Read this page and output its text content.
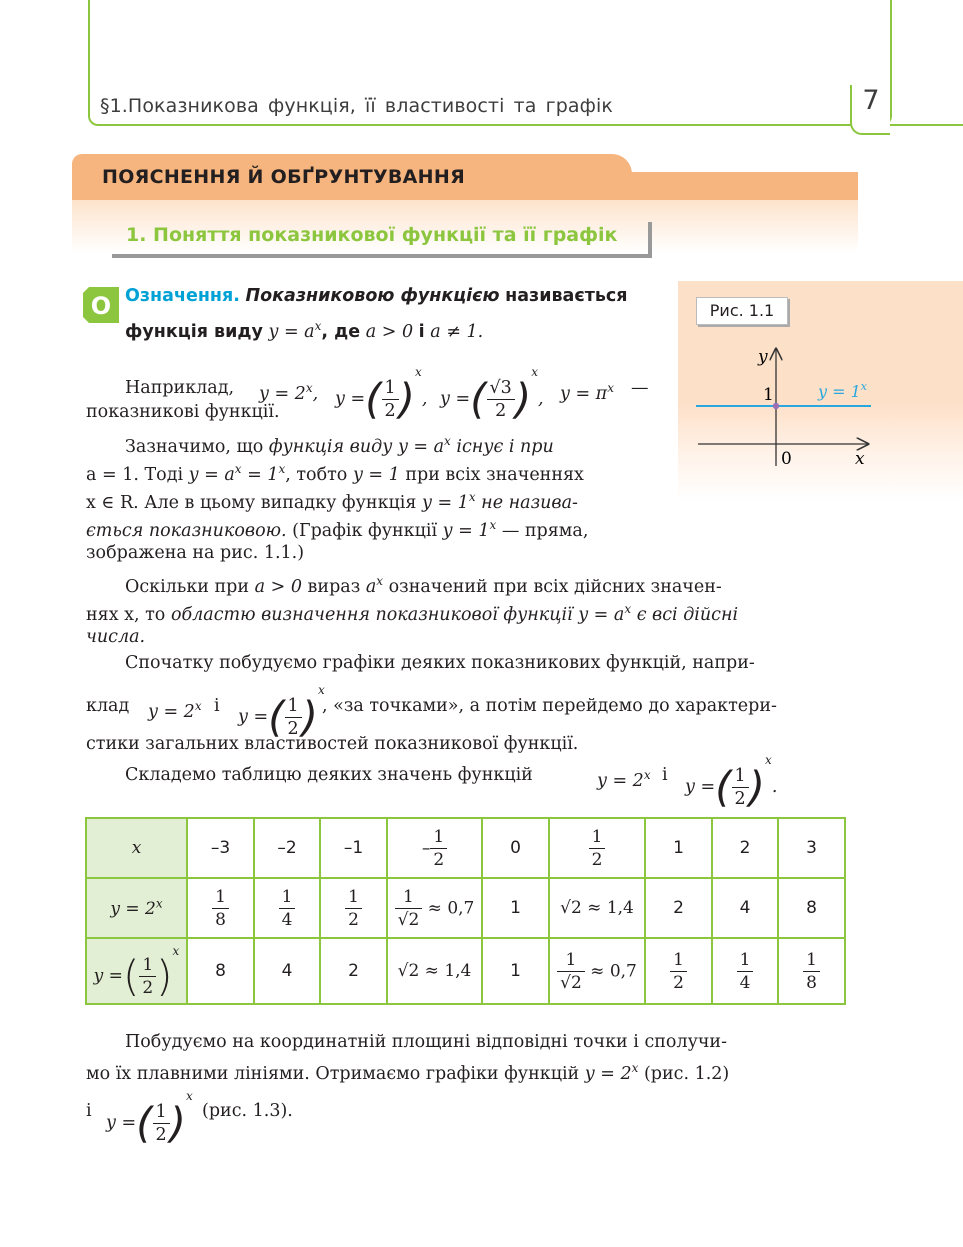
§1.Показникова функція, її властивості та графік	7
ПОЯСНЕННЯ Й ОБҐРУНТУВАННЯ
1. Поняття показникової функції та її графік
О Означення. Показниковою функцією називається
функція виду $y = a^x$, де a > 0 і a ≠ 1.
Рис. 1.1
y
x
0
1	$y = 1^x$
Наприклад, $y = 2^x$, y =( $\frac{1}{2} )^x$, y =( $\frac{√3}{2} )^x$, $y = \pi^x$ —
показникові функції.
Зазначимо, що функція виду $y = a^x$ існує і при
a = 1. Тоді $y = a^x = 1^x$, тобто y = 1 при всіх значеннях
x ∈ R. Але в цьому випадку функція $y = 1^x$ не назива-
ється показниковою. (Графік функції $y = 1^x$ — пряма,
зображена на рис. 1.1.)
Оскільки при a > 0 вираз $a^x$ означений при всіх дійсних значен-
нях x, то областю визначення показникової функції $y = a^x$ є всі дійсні
числа.
Спочатку побудуємо графіки деяких показникових функцій, напри-
клад $y = 2^x$ і
y =( $\frac{1}{2} )^x$
, «за точками», а потім перейдемо до характери-
стики загальних властивостей показникової функції.
Складемо таблицю деяких значень функцій	$y = 2^x$ і
y =( $\frac{1}{2} )^x$.
x	–3	–2	–1	– $\frac{1}{2}$	0	$\frac{1}{2}$	1	2	3
$y = 2^x$	$\frac{1}{8}$	$\frac{1}{4}$	$\frac{1}{2}$	$\frac{1}{√2} \approx 0,7$	1	√2 ≈ 1,4	2	4	8
y =( $\frac{1}{2} )^x$	8	4	2	√2 ≈ 1,4	1	$\frac{1}{√2} \approx 0,7$	$\frac{1}{2}$	$\frac{1}{4}$	$\frac{1}{8}$
Побудуємо на координатній площині відповідні точки і сполучи-
мо їх плавними лініями. Отримаємо графіки функцій $y = 2^x$ (рис. 1.2)
і
y =( $\frac{1}{2} )^x$
(рис. 1.3).
